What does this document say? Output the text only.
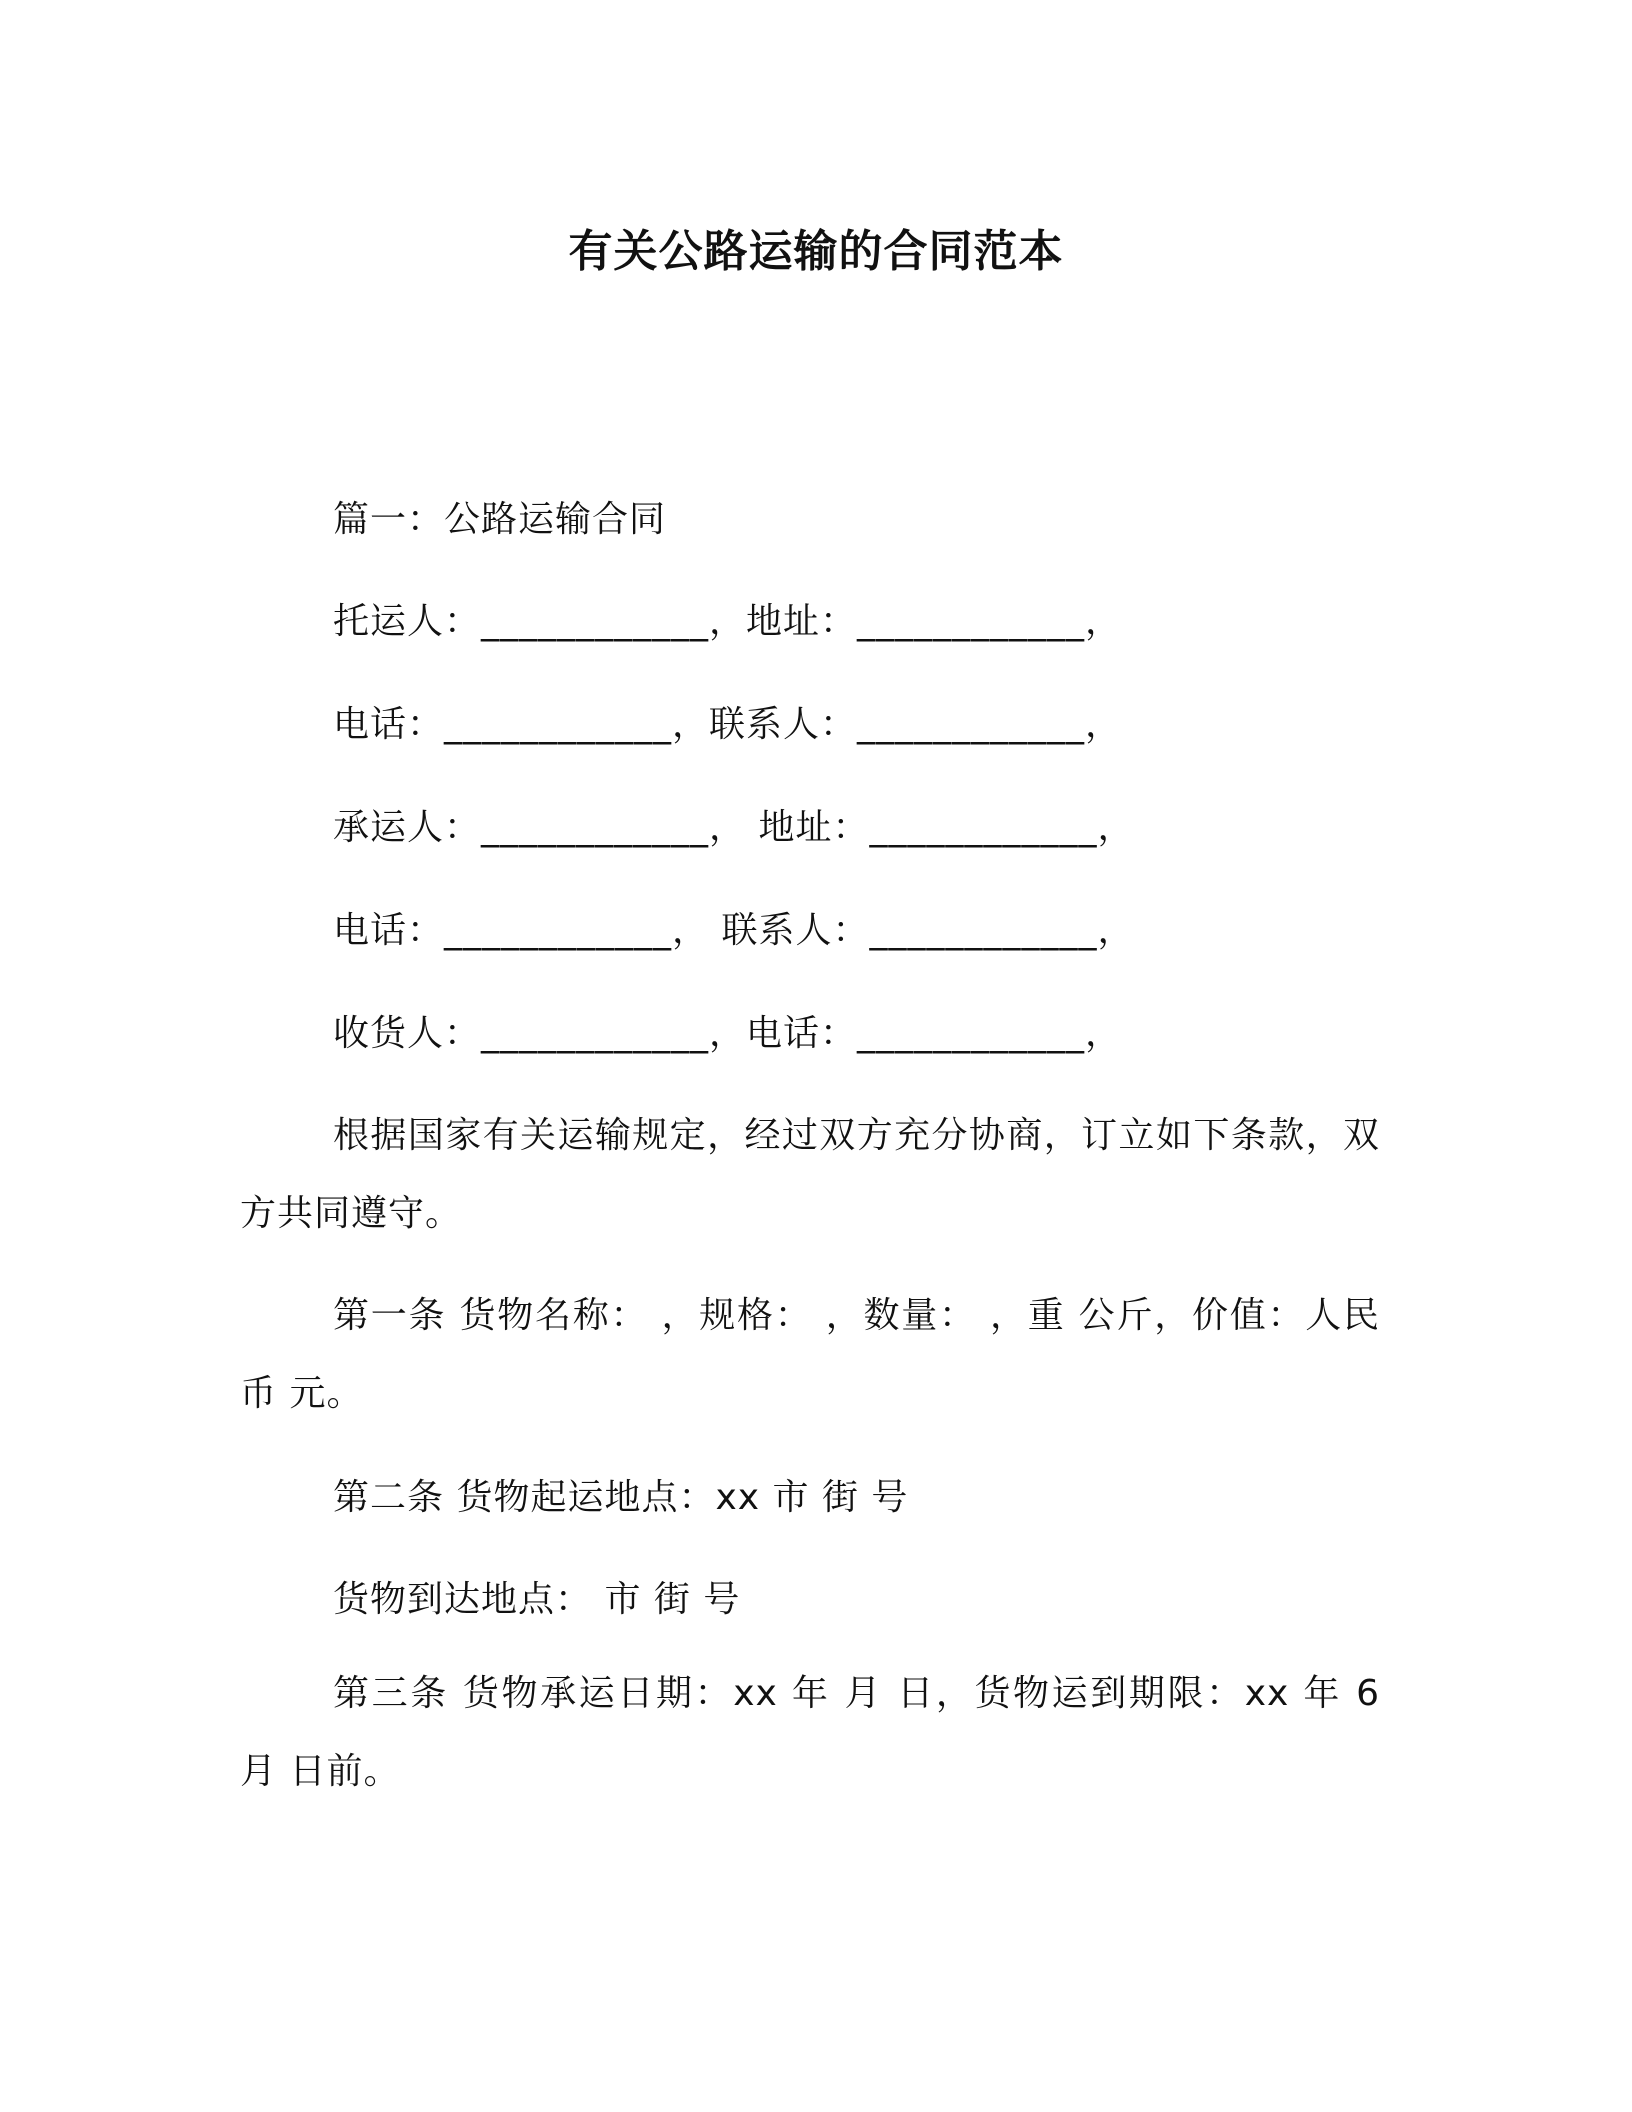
有关公路运输的合同范本
篇一：公路运输合同
托运人：____________，地址：____________，
电话：____________，联系人：____________，
承运人：____________， 地址：____________，
电话：____________， 联系人：____________，
收货人：____________，电话：____________，
根据国家有关运输规定，经过双方充分协商，订立如下条款，双方共同遵守。
第一条 货物名称： ，规格： ，数量： ，重 公斤，价值：人民币 元。
第二条 货物起运地点：xx 市 街 号
货物到达地点： 市 街 号
第三条 货物承运日期：xx 年 月 日，货物运到期限：xx 年 6 月 日前。
